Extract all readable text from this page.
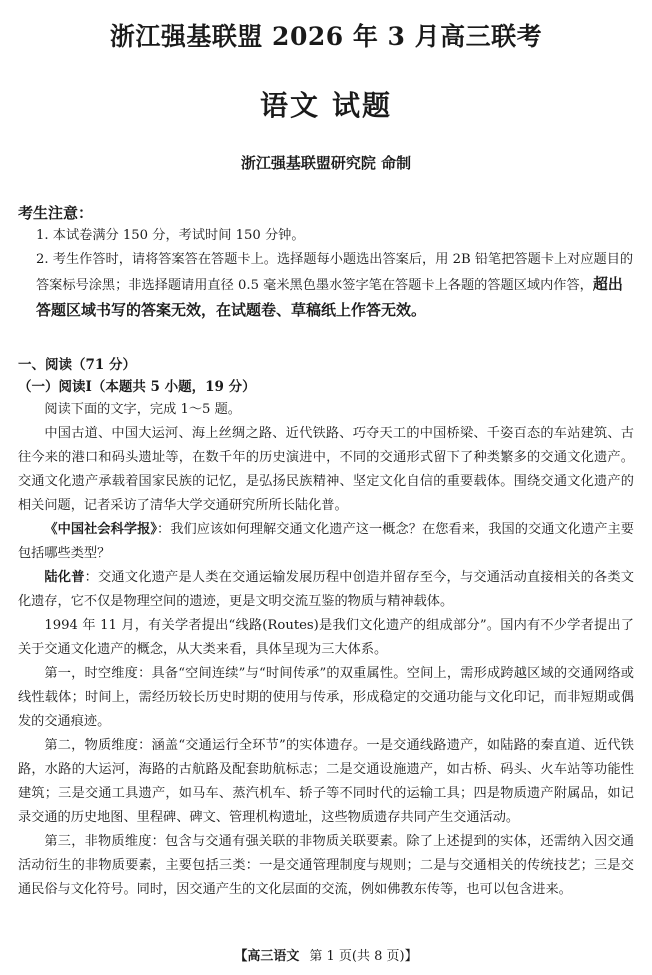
浙江强基联盟 2026 年 3 月高三联考
语文 试题
浙江强基联盟研究院 命制
考生注意：
1. 本试卷满分 150 分，考试时间 150 分钟。
2. 考生作答时，请将答案答在答题卡上。选择题每小题选出答案后，用 2B 铅笔把答题卡上对应题目的答案标号涂黑；非选择题请用直径 0.5 毫米黑色墨水签字笔在答题卡上各题的答题区域内作答，超出答题区域书写的答案无效，在试题卷、草稿纸上作答无效。
一、阅读（71 分）
（一）阅读Ⅰ（本题共 5 小题，19 分）

阅读下面的文字，完成 1～5 题。

中国古道、中国大运河、海上丝绸之路、近代铁路、巧夺天工的中国桥梁、千姿百态的车站建筑、古往今来的港口和码头遗址等，在数千年的历史演进中，不同的交通形式留下了种类繁多的交通文化遗产。交通文化遗产承载着国家民族的记忆，是弘扬民族精神、坚定文化自信的重要载体。围绕交通文化遗产的相关问题，记者采访了清华大学交通研究所所长陆化普。

《中国社会科学报》：我们应该如何理解交通文化遗产这一概念？在您看来，我国的交通文化遗产主要包括哪些类型？

陆化普：交通文化遗产是人类在交通运输发展历程中创造并留存至今，与交通活动直接相关的各类文化遗存，它不仅是物理空间的遗迹，更是文明交流互鉴的物质与精神载体。

1994 年 11 月，有关学者提出“线路(Routes)是我们文化遗产的组成部分”。国内有不少学者提出了关于交通文化遗产的概念，从大类来看，具体呈现为三大体系。

第一，时空维度：具备“空间连续”与“时间传承”的双重属性。空间上，需形成跨越区域的交通网络或线性载体；时间上，需经历较长历史时期的使用与传承，形成稳定的交通功能与文化印记，而非短期或偶发的交通痕迹。

第二，物质维度：涵盖“交通运行全环节”的实体遗存。一是交通线路遗产，如陆路的秦直道、近代铁路，水路的大运河，海路的古航路及配套助航标志；二是交通设施遗产，如古桥、码头、火车站等功能性建筑；三是交通工具遗产，如马车、蒸汽机车、轿子等不同时代的运输工具；四是物质遗产附属品，如记录交通的历史地图、里程碑、碑文、管理机构遗址，这些物质遗存共同产生交通活动。

第三，非物质维度：包含与交通有强关联的非物质关联要素。除了上述提到的实体，还需纳入因交通活动衍生的非物质要素，主要包括三类：一是交通管理制度与规则；二是与交通相关的传统技艺；三是交通民俗与文化符号。同时，因交通产生的文化层面的交流，例如佛教东传等，也可以包含进来。

【高三语文 第 1 页(共 8 页)】
